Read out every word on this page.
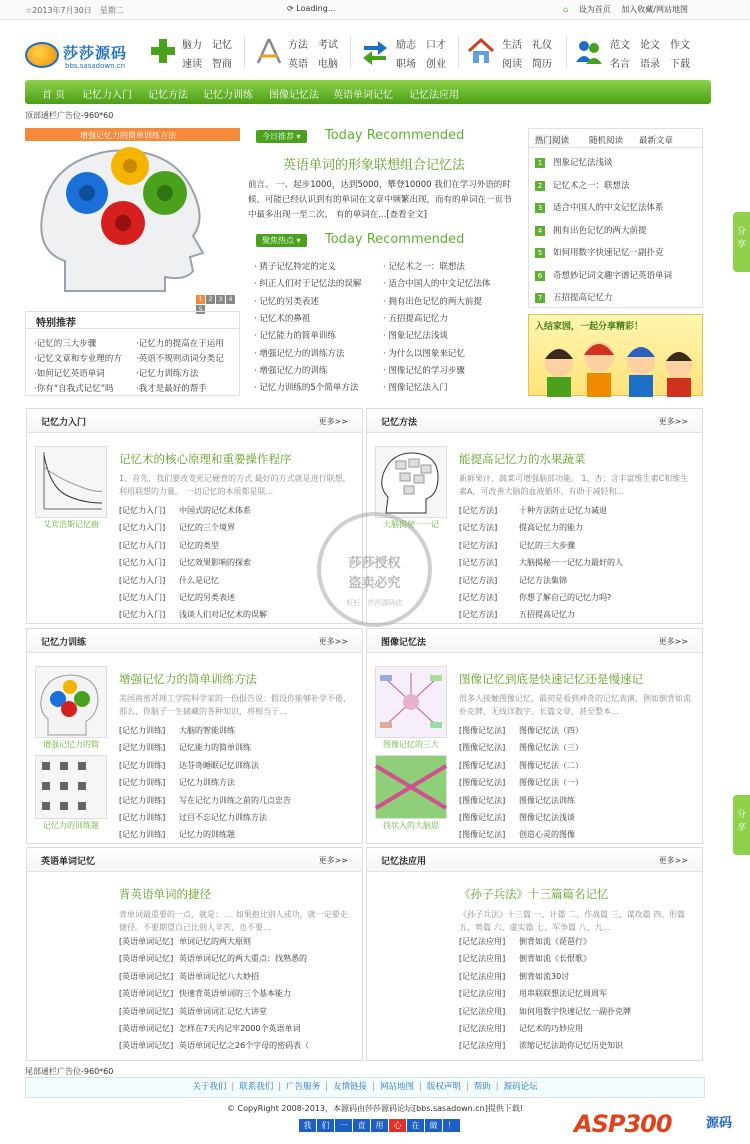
☆2013年7月30日　星期二	⟳ Loading...	⌂ 设为首页 加入收藏/网站地图
莎莎源码
bbs.sasadown.cn
脑力	记忆
速读	智商
方法	考试
英语	电脑
励志	口才
职场	创业
生活	礼仪
阅读	简历
范文	论文	作文
名言	语录	下载
首 页 记忆力入门 记忆方法 记忆力训练 图像记忆法 英语单词记忆 记忆法应用
顶部通栏广告位-960*60
增强记忆力的简单训练方法
1 2 3 45
特别推荐
·记忆的三大步骤	·记忆力的提高在于运用
·记忆文章和专业理的方 ·英语不规则动词分类记
·如何记忆英语单词	·记忆力训练方法
·你有“自我式记忆”吗	·我才是最好的帮手
今日推荐 ▾	Today Recommended
英语单词的形象联想组合记忆法
前言。 一、起步1000，达到5000，攀登10000 我们在学习外语的时候，可能已经认识到有的单词在文章中频繁出现，而有的单词在一页书中最多出现一至二次， 有的单词在...[查看全文]
聚焦热点 ▾	Today Recommended
· 猜子记忆特定的定义
· 纠正人们对于记忆法的误解
· 记忆的另类表述
· 记忆术的鼻祖
· 记忆能力的简单训练
· 增强记忆力的训练方法
· 增强记忆力的训练
· 记忆力训练的5个简单方法
· 记忆术之一：联想法
· 适合中国人的中文记忆法体
· 拥有出色记忆的两大前提
· 五招提高记忆力
· 图象记忆法浅谈
· 为什么以图象来记忆
· 图像记忆的学习步骤
· 图像记忆法入门
热门阅读 随机阅读 最新文章
1 图象记忆法浅谈
2 记忆术之一：联想法
3 适合中国人的中文记忆法体系
4 拥有出色记忆的两大前提
5 如何用数字快速记忆一副扑克
6 奇想妙记词文趣字谱记英语单词
7 五招提高记忆力
入结家园，一起分享精彩！
记忆力入门	更多>>
艾宾浩斯记忆曲
记忆术的核心原理和重要操作程序
1、首先，我们要改变死记硬背的方式 最好的方式就是进行联想，利用联想的力量。 一切记忆的本质都是联...
[记忆力入门] 中国式的记忆术体系
[记忆力入门] 记忆的三个境界
[记忆力入门] 记忆的类型
[记忆力入门] 记忆效果影响的探索
[记忆力入门] 什么是记忆
[记忆力入门] 记忆的另类表述
[记忆力入门] 浅谈人们对记忆术的误解
记忆方法	更多>>
大脑揭秘一一记
能提高记忆力的水果蔬菜
新鲜果汁、蔬菜可增强脑部功能。 1、杏：含丰富维生素C和维生素A，可改善大脑的血液循环，有助于减轻和...
[记忆方法]	十种方法防止记忆力减退
[记忆方法]	提高记忆力的能力
[记忆方法]	记忆的三大步骤
[记忆方法]	大脑揭秘一一记忆力最好的人
[记忆方法]	记忆方法集锦
[记忆方法]	你想了解自己的记忆力吗?
[记忆方法]	五招提高记忆力
记忆力训练	更多>>
增强记忆力的简
记忆力的训练题
增强记忆力的简单训练方法
美国南密苏理工学院科学家的一份报告说：假设你能够补学不倦，那么，你脑子一生储藏的各种知识，将相当于...
[记忆力训练] 大脑的智能训练
[记忆力训练] 记忆能力的简单训练
[记忆力训练] 达芬奇睡眠记忆训练法
[记忆力训练] 记忆力训练方法
[记忆力训练] 写在记忆力训练之前的几点忠告
[记忆力训练] 过目不忘记忆力训练方法
[记忆力训练] 记忆力的训练题
图像记忆法	更多>>
图像记忆的三大
找状入的大脑思
图像记忆到底是快速记忆还是慢速记
很多人接触图像记忆，最初是看到神奇的记忆表演，例如倒背如流扑克牌、无线详数字、长篇文章，甚至整本...
[图像记忆法] 图像记忆法（四）
[图像记忆法] 图像记忆法（三）
[图像记忆法] 图像记忆法（二）
[图像记忆法] 图像记忆法（一）
[图像记忆法] 图像记忆法训练
[图像记忆法] 图像记忆法浅谈
[图像记忆法] 创造心灵的图像
英语单词记忆	更多>>
背英语单词的捷径
背单词最重要的一点，就是： ... 如果抱比别人成功，就一定要走捷径。不要期望自己比别人辛苦，也不要...
[英语单词记忆] 单词记忆的两大原则
[英语单词记忆] 英语单词记忆的两大重点：找熟悉的
[英语单词记忆] 英语单词记忆八大妙招
[英语单词记忆] 快速背英语单词的三个基本能力
[英语单词记忆] 英语单词词汇记忆大讲堂
[英语单词记忆] 怎样在7天内记牢2000个英语单词
[英语单词记忆] 英语单词记忆之26个字母的密码表（
记忆法应用	更多>>
《孙子兵法》十三篇篇名记忆
《孙子兵法》十三篇 一、计篇 二、作战篇 三、谋攻篇 四、形篇 五、势篇 六、虚实篇 七、军争篇 八、九...
[记忆法应用] 倒背如流《琵琶行》
[记忆法应用] 倒背如流《长恨歌》
[记忆法应用] 倒背如流30讨
[记忆法应用] 用串联联想法记忆周周军
[记忆法应用] 如何用数字快速记忆一副扑克牌
[记忆法应用] 记忆术的巧妙应用
[记忆法应用] 浓缩记忆法助你记忆历史知识
莎莎授权
盗卖必究
旺旺：莎莎源码店
尾部通栏广告位-960*60
关于我们 | 联系我们 | 广告服务 | 友情链接 | 网站地图 | 版权声明 | 帮助 | 源码论坛
© CopyRight 2008-2013，本源码由莎莎源码论坛[bbs.sasadown.cn]提供下载!
我 们 一 直 用 心 在 做 ！
分享
分享
ASP300	源码
